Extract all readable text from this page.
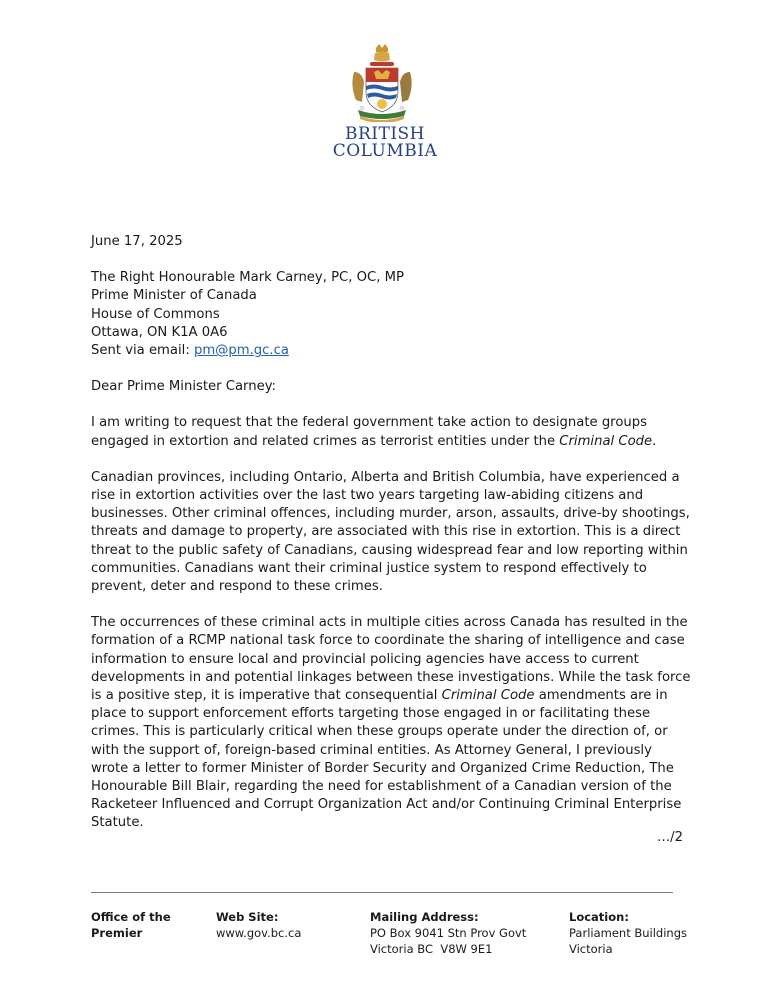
BRITISH
COLUMBIA

June 17, 2025

The Right Honourable Mark Carney, PC, OC, MP

Prime Minister of Canada

House of Commons

Ottawa, ON K1A 0A6

Sent via email: pm@pm.gc.ca

Dear Prime Minister Carney:

I am writing to request that the federal government take action to designate groups engaged in extortion and related crimes as terrorist entities under the Criminal Code.

Canadian provinces, including Ontario, Alberta and British Columbia, have experienced a rise in extortion activities over the last two years targeting law-abiding citizens and businesses. Other criminal offences, including murder, arson, assaults, drive-by shootings, threats and damage to property, are associated with this rise in extortion. This is a direct threat to the public safety of Canadians, causing widespread fear and low reporting within communities. Canadians want their criminal justice system to respond effectively to prevent, deter and respond to these crimes.

The occurrences of these criminal acts in multiple cities across Canada has resulted in the formation of a RCMP national task force to coordinate the sharing of intelligence and case information to ensure local and provincial policing agencies have access to current developments in and potential linkages between these investigations. While the task force is a positive step, it is imperative that consequential Criminal Code amendments are in place to support enforcement efforts targeting those engaged in or facilitating these crimes. This is particularly critical when these groups operate under the direction of, or with the support of, foreign-based criminal entities. As Attorney General, I previously wrote a letter to former Minister of Border Security and Organized Crime Reduction, The Honourable Bill Blair, regarding the need for establishment of a Canadian version of the Racketeer Influenced and Corrupt Organization Act and/or Continuing Criminal Enterprise Statute.

…/2
Office of the
Premier
Web Site:
www.gov.bc.ca
Mailing Address:
PO Box 9041 Stn Prov Govt
Victoria BC  V8W 9E1
Location:
Parliament Buildings
Victoria
